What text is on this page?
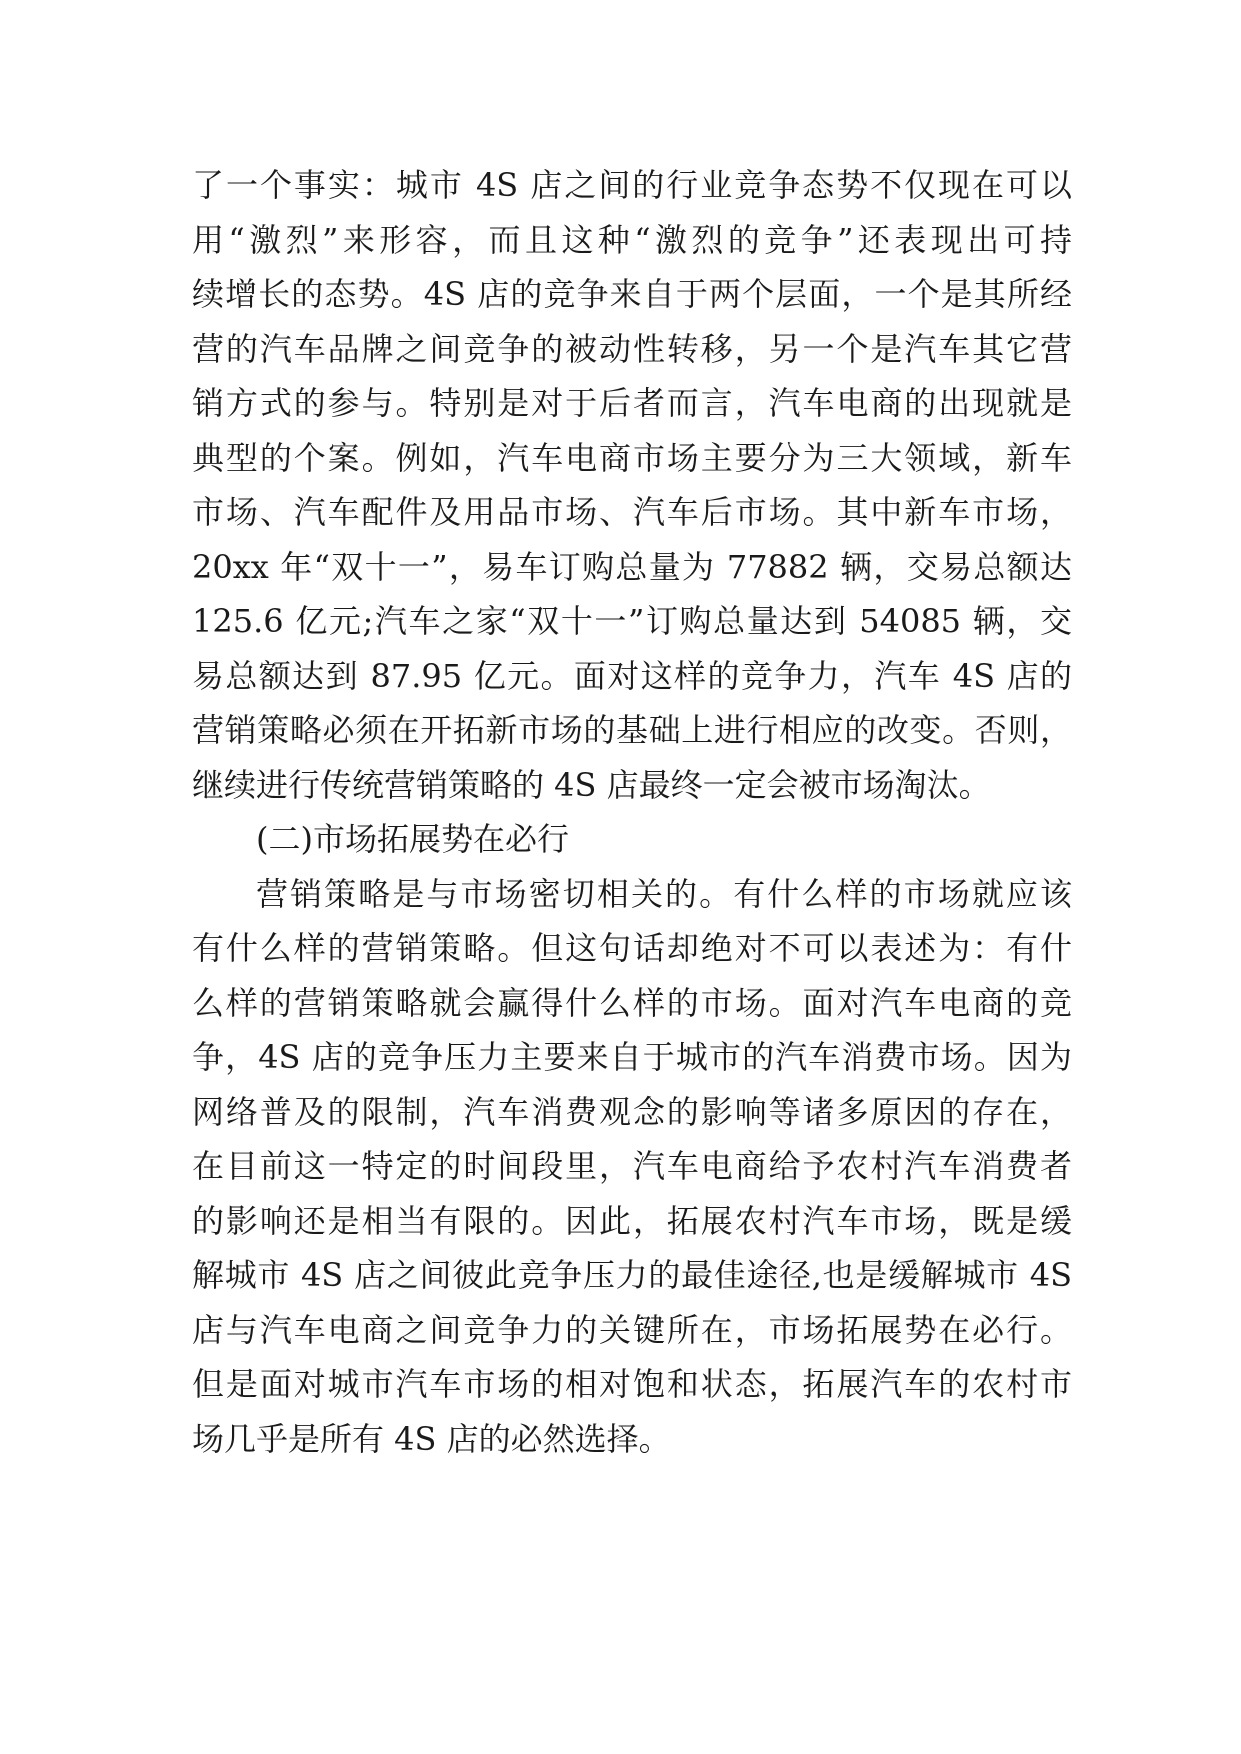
了一个事实：城市 4S 店之间的行业竞争态势不仅现在可以
用“激烈”来形容，而且这种“激烈的竞争”还表现出可持
续增长的态势。4S 店的竞争来自于两个层面，一个是其所经
营的汽车品牌之间竞争的被动性转移，另一个是汽车其它营
销方式的参与。特别是对于后者而言，汽车电商的出现就是
典型的个案。例如，汽车电商市场主要分为三大领域，新车
市场、汽车配件及用品市场、汽车后市场。其中新车市场，
20xx 年“双十一”，易车订购总量为 77882 辆，交易总额达
125.6 亿元;汽车之家“双十一”订购总量达到 54085 辆，交
易总额达到 87.95 亿元。面对这样的竞争力，汽车 4S 店的
营销策略必须在开拓新市场的基础上进行相应的改变。否则，
继续进行传统营销策略的 4S 店最终一定会被市场淘汰。
(二)市场拓展势在必行
营销策略是与市场密切相关的。有什么样的市场就应该
有什么样的营销策略。但这句话却绝对不可以表述为：有什
么样的营销策略就会赢得什么样的市场。面对汽车电商的竞
争，4S 店的竞争压力主要来自于城市的汽车消费市场。因为
网络普及的限制，汽车消费观念的影响等诸多原因的存在，
在目前这一特定的时间段里，汽车电商给予农村汽车消费者
的影响还是相当有限的。因此，拓展农村汽车市场，既是缓
解城市 4S 店之间彼此竞争压力的最佳途径,也是缓解城市 4S
店与汽车电商之间竞争力的关键所在，市场拓展势在必行。
但是面对城市汽车市场的相对饱和状态，拓展汽车的农村市
场几乎是所有 4S 店的必然选择。
